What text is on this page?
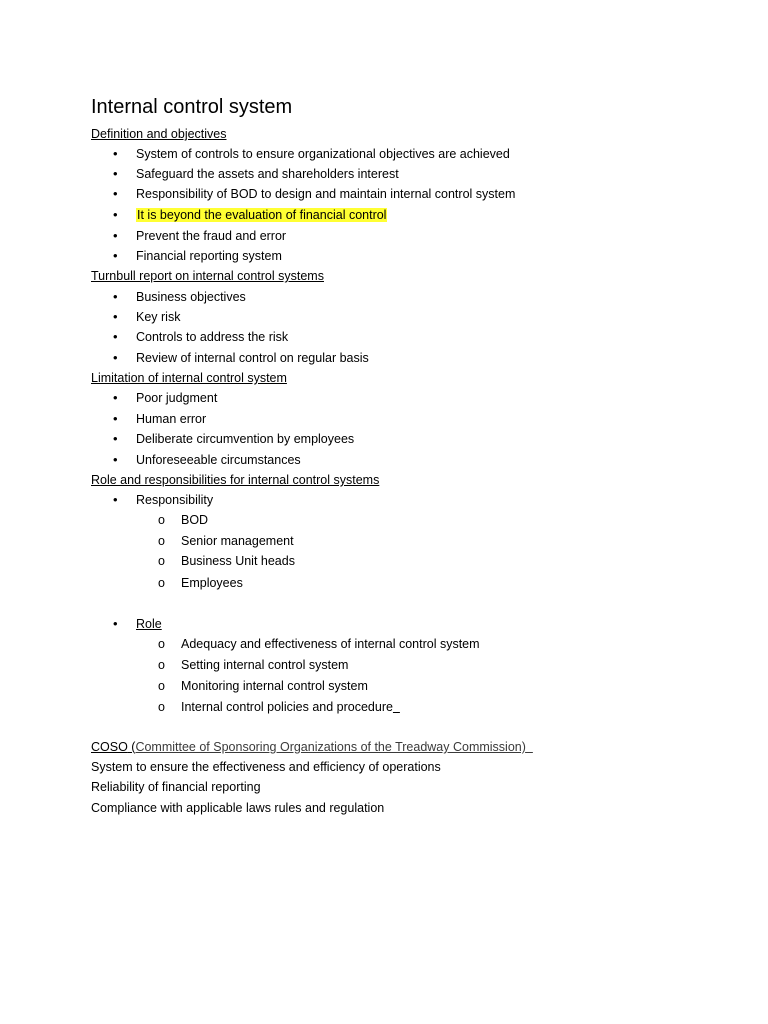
Internal control system
Definition and objectives
• System of controls to ensure organizational objectives are achieved
• Safeguard the assets and shareholders interest
• Responsibility of BOD to design and maintain internal control system
• It is beyond the evaluation of financial control
• Prevent the fraud and error
• Financial reporting system
Turnbull report on internal control systems
• Business objectives
• Key risk
• Controls to address the risk
• Review of internal control on regular basis
Limitation of internal control system
• Poor judgment
• Human error
• Deliberate circumvention by employees
• Unforeseeable circumstances
Role and responsibilities for internal control systems
• Responsibility
o BOD
o Senior management
o Business Unit heads
o Employees
• Role
o Adequacy and effectiveness of internal control system
o Setting internal control system
o Monitoring internal control system
o Internal control policies and procedure
COSO (Committee of Sponsoring Organizations of the Treadway Commission)
System to ensure the effectiveness and efficiency of operations
Reliability of financial reporting
Compliance with applicable laws rules and regulation
